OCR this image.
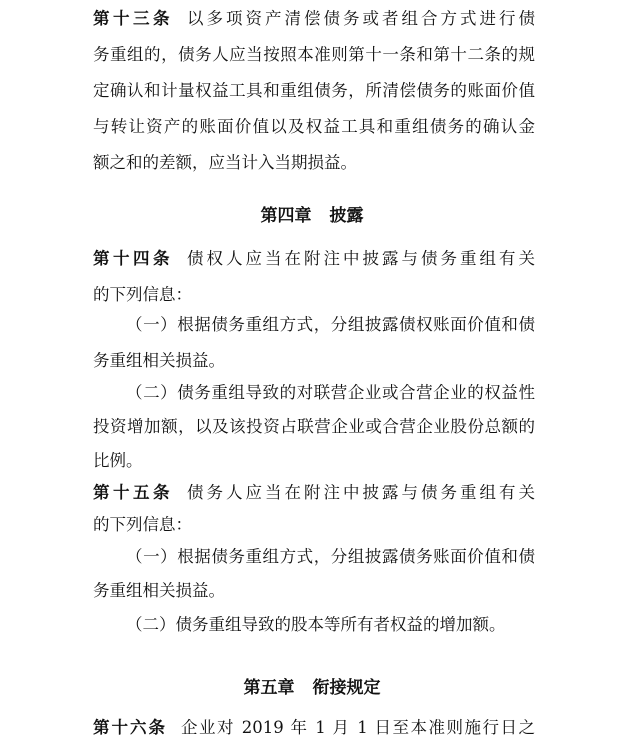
第十三条 以多项资产清偿债务或者组合方式进行债
务重组的，债务人应当按照本准则第十一条和第十二条的规
定确认和计量权益工具和重组债务，所清偿债务的账面价值
与转让资产的账面价值以及权益工具和重组债务的确认金
额之和的差额，应当计入当期损益。
第四章 披露
第十四条 债权人应当在附注中披露与债务重组有关
的下列信息：
（一）根据债务重组方式，分组披露债权账面价值和债
务重组相关损益。
（二）债务重组导致的对联营企业或合营企业的权益性
投资增加额，以及该投资占联营企业或合营企业股份总额的
比例。
第十五条 债务人应当在附注中披露与债务重组有关
的下列信息：
（一）根据债务重组方式，分组披露债务账面价值和债
务重组相关损益。
（二）债务重组导致的股本等所有者权益的增加额。
第五章 衔接规定
第十六条 企业对 2019 年 1 月 1 日至本准则施行日之
